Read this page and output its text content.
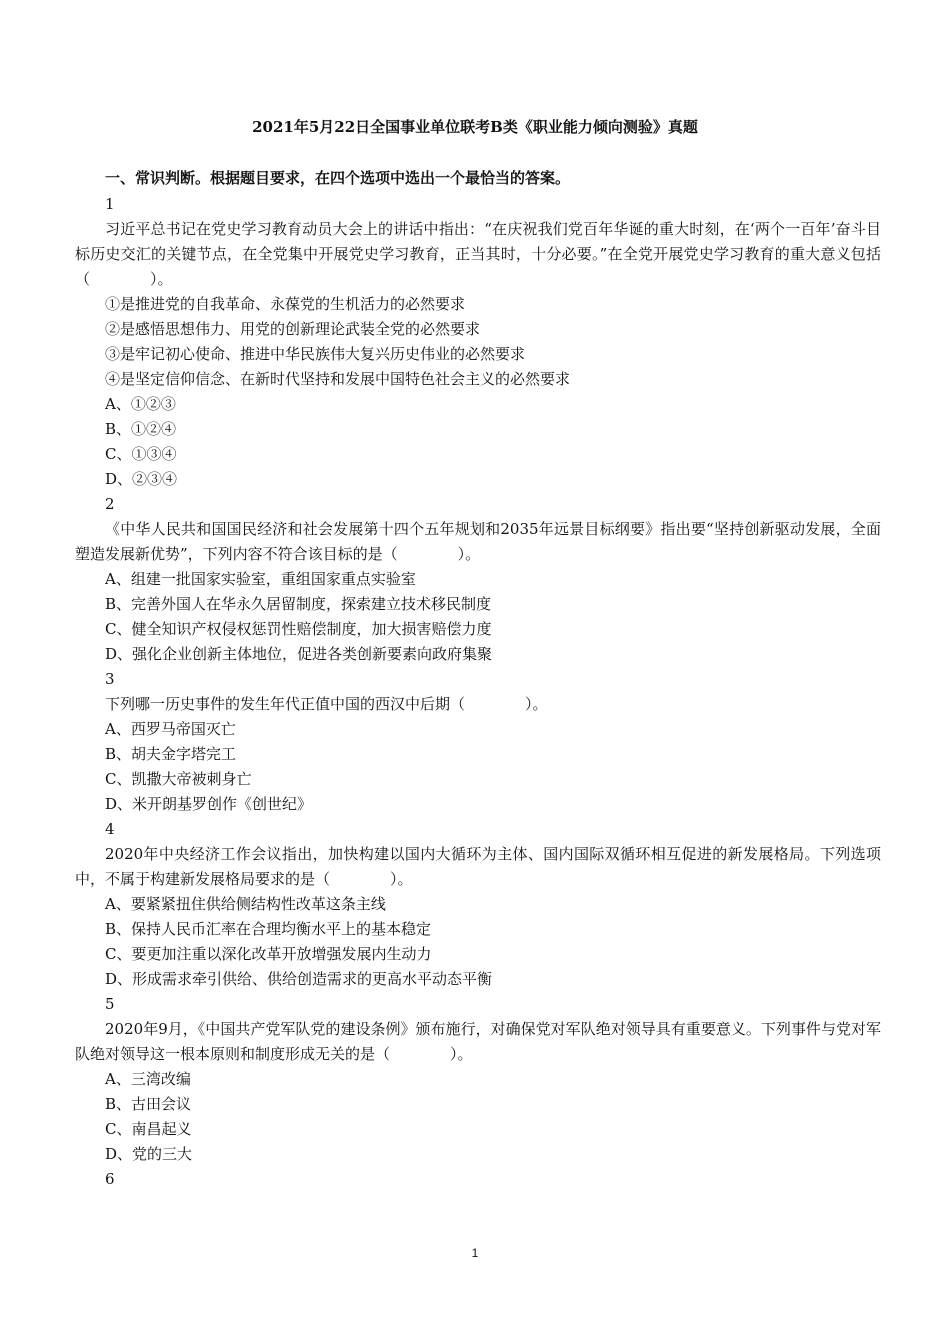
2021年5月22日全国事业单位联考B类《职业能力倾向测验》真题
一、常识判断。根据题目要求，在四个选项中选出一个最恰当的答案。
1
习近平总书记在党史学习教育动员大会上的讲话中指出：“在庆祝我们党百年华诞的重大时刻，在‘两个一百年’奋斗目标历史交汇的关键节点，在全党集中开展党史学习教育，正当其时，十分必要。”在全党开展党史学习教育的重大意义包括（　　　　）。
①是推进党的自我革命、永葆党的生机活力的必然要求
②是感悟思想伟力、用党的创新理论武装全党的必然要求
③是牢记初心使命、推进中华民族伟大复兴历史伟业的必然要求
④是坚定信仰信念、在新时代坚持和发展中国特色社会主义的必然要求
A、①②③
B、①②④
C、①③④
D、②③④
2
《中华人民共和国国民经济和社会发展第十四个五年规划和2035年远景目标纲要》指出要“坚持创新驱动发展，全面塑造发展新优势”，下列内容不符合该目标的是（　　　　）。
A、组建一批国家实验室，重组国家重点实验室
B、完善外国人在华永久居留制度，探索建立技术移民制度
C、健全知识产权侵权惩罚性赔偿制度，加大损害赔偿力度
D、强化企业创新主体地位，促进各类创新要素向政府集聚
3
下列哪一历史事件的发生年代正值中国的西汉中后期（　　　　）。
A、西罗马帝国灭亡
B、胡夫金字塔完工
C、凯撒大帝被刺身亡
D、米开朗基罗创作《创世纪》
4
2020年中央经济工作会议指出，加快构建以国内大循环为主体、国内国际双循环相互促进的新发展格局。下列选项中，不属于构建新发展格局要求的是（　　　　）。
A、要紧紧扭住供给侧结构性改革这条主线
B、保持人民币汇率在合理均衡水平上的基本稳定
C、要更加注重以深化改革开放增强发展内生动力
D、形成需求牵引供给、供给创造需求的更高水平动态平衡
5
2020年9月，《中国共产党军队党的建设条例》颁布施行，对确保党对军队绝对领导具有重要意义。下列事件与党对军队绝对领导这一根本原则和制度形成无关的是（　　　　）。
A、三湾改编
B、古田会议
C、南昌起义
D、党的三大
6
1
